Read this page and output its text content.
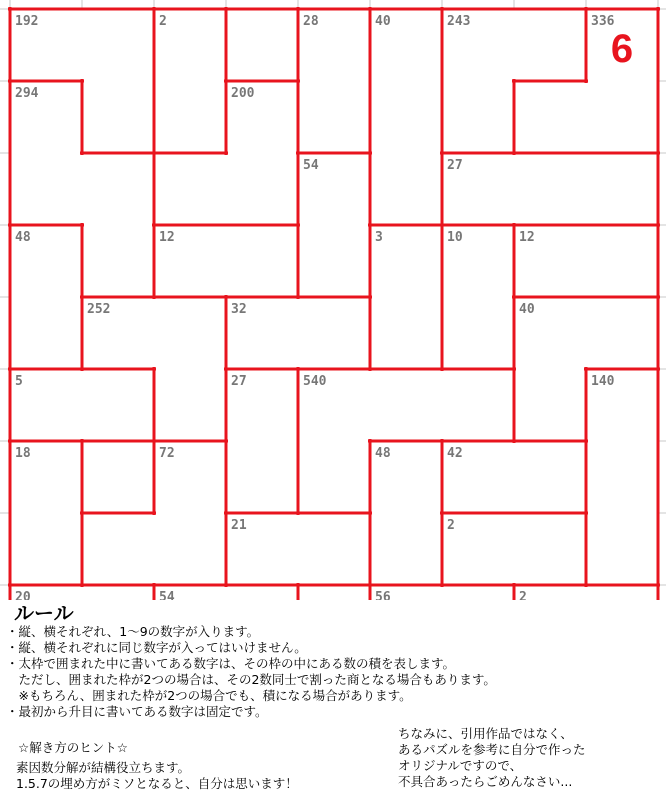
192	2	28	40	243	336
294	200
54	27
48	12	3	10	12
252	32	40
5	27	540	140
18	72	48	42
21	2
20	54	56	2
6
ルール
・縦、横それぞれ、1～9の数字が入ります。
・縦、横それぞれに同じ数字が入ってはいけません。
・太枠で囲まれた中に書いてある数字は、その枠の中にある数の積を表します。
　ただし、囲まれた枠が2つの場合は、その2数同士で割った商となる場合もあります。
　※もちろん、囲まれた枠が2つの場合でも、積になる場合があります。
・最初から升目に書いてある数字は固定です。
☆解き方のヒント☆
素因数分解が結構役立ちます。
1.5.7の埋め方がミソとなると、自分は思います！
ちなみに、引用作品ではなく、
あるパズルを参考に自分で作った
オリジナルですので、
不具合あったらごめんなさい...
